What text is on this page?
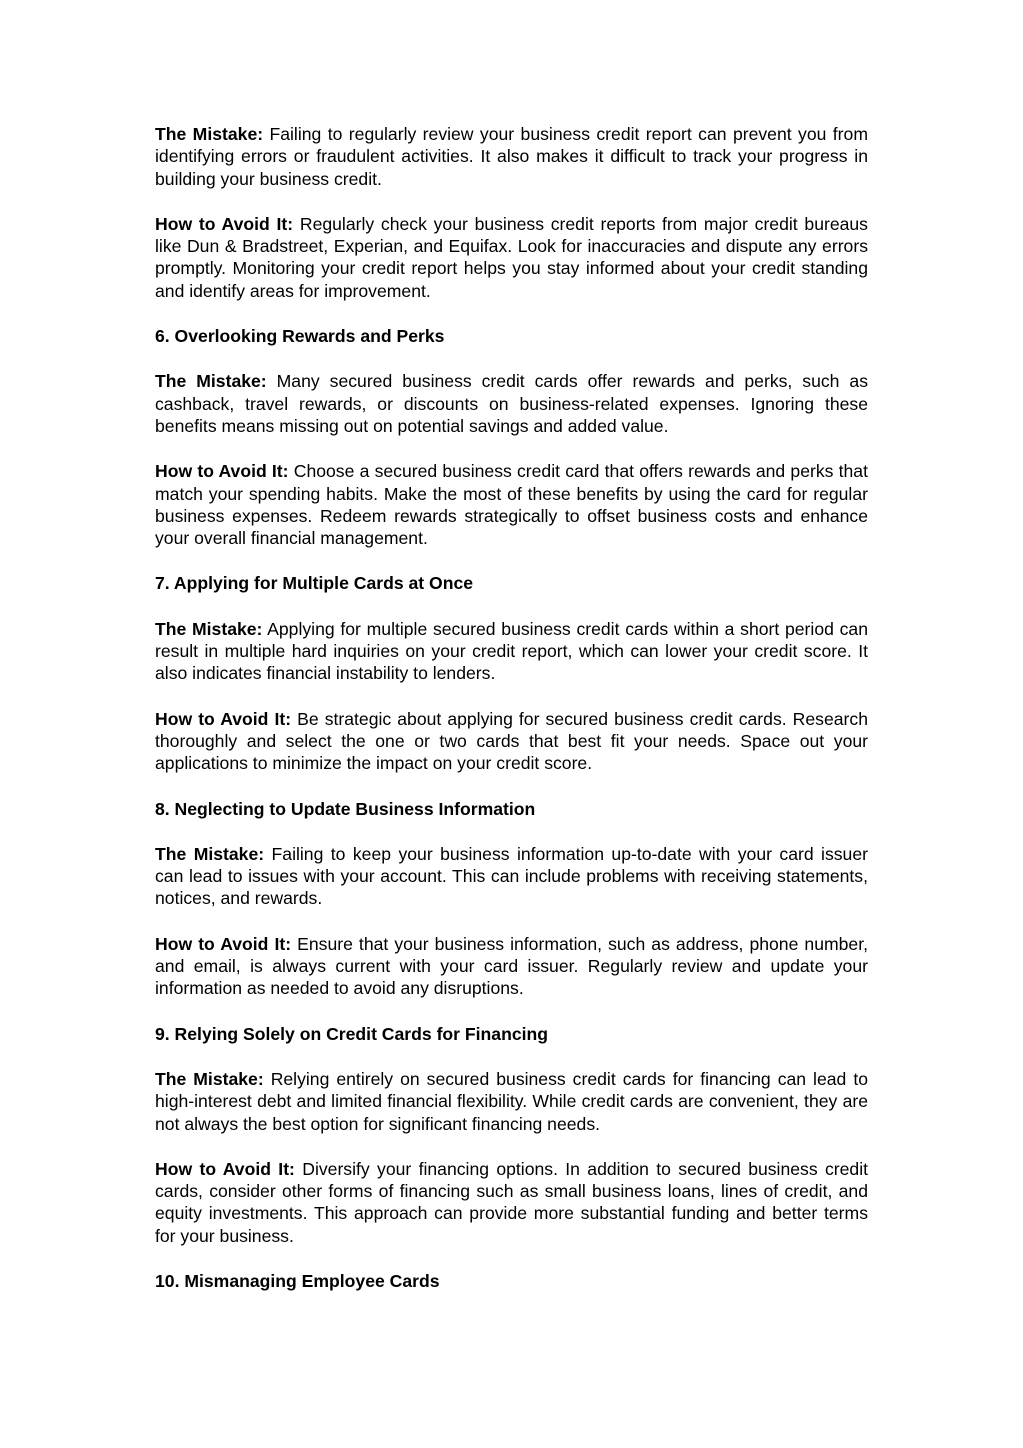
The Mistake: Failing to regularly review your business credit report can prevent you from identifying errors or fraudulent activities. It also makes it difficult to track your progress in building your business credit.

How to Avoid It: Regularly check your business credit reports from major credit bureaus like Dun & Bradstreet, Experian, and Equifax. Look for inaccuracies and dispute any errors promptly. Monitoring your credit report helps you stay informed about your credit standing and identify areas for improvement.

6. Overlooking Rewards and Perks

The Mistake: Many secured business credit cards offer rewards and perks, such as cashback, travel rewards, or discounts on business-related expenses. Ignoring these benefits means missing out on potential savings and added value.

How to Avoid It: Choose a secured business credit card that offers rewards and perks that match your spending habits. Make the most of these benefits by using the card for regular business expenses. Redeem rewards strategically to offset business costs and enhance your overall financial management.

7. Applying for Multiple Cards at Once

The Mistake: Applying for multiple secured business credit cards within a short period can result in multiple hard inquiries on your credit report, which can lower your credit score. It also indicates financial instability to lenders.

How to Avoid It: Be strategic about applying for secured business credit cards. Research thoroughly and select the one or two cards that best fit your needs. Space out your applications to minimize the impact on your credit score.

8. Neglecting to Update Business Information

The Mistake: Failing to keep your business information up-to-date with your card issuer can lead to issues with your account. This can include problems with receiving statements, notices, and rewards.

How to Avoid It: Ensure that your business information, such as address, phone number, and email, is always current with your card issuer. Regularly review and update your information as needed to avoid any disruptions.

9. Relying Solely on Credit Cards for Financing

The Mistake: Relying entirely on secured business credit cards for financing can lead to high-interest debt and limited financial flexibility. While credit cards are convenient, they are not always the best option for significant financing needs.

How to Avoid It: Diversify your financing options. In addition to secured business credit cards, consider other forms of financing such as small business loans, lines of credit, and equity investments. This approach can provide more substantial funding and better terms for your business.

10. Mismanaging Employee Cards
